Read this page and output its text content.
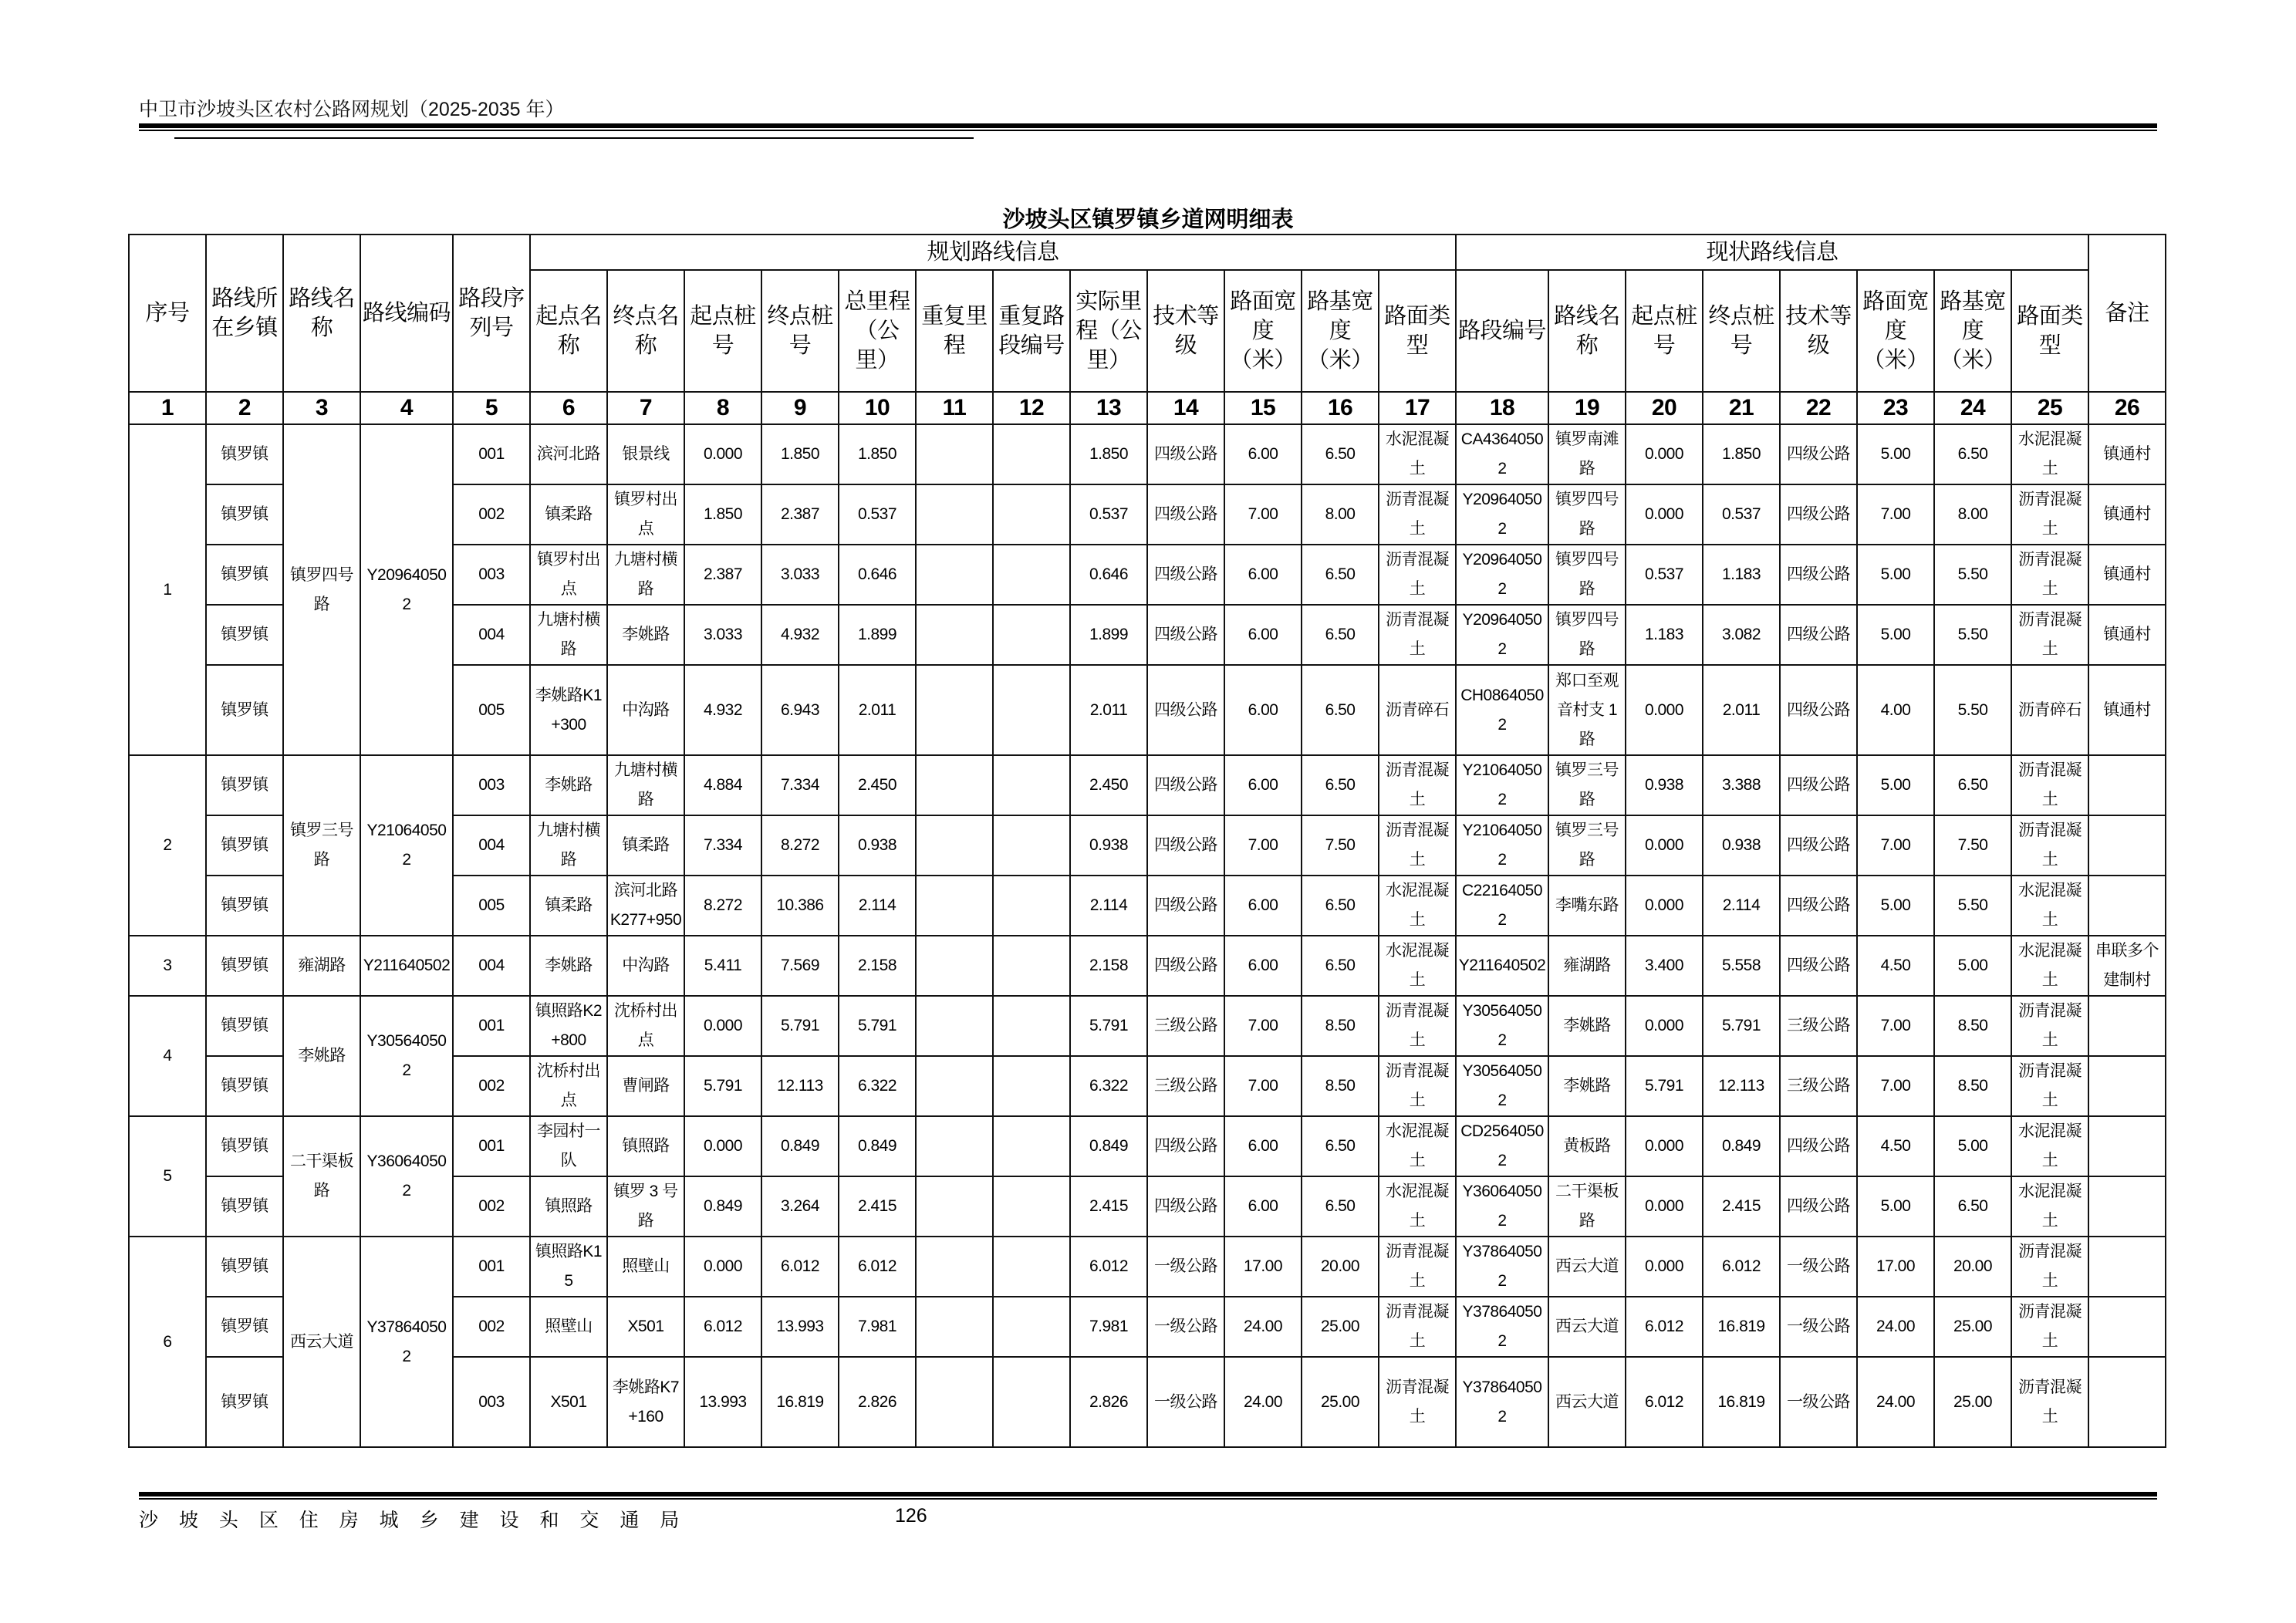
中卫市沙坡头区农村公路网规划（2025-2035 年）
沙坡头区镇罗镇乡道网明细表
序号	路线所在乡镇	路线名称	路线编码	路段序列号	规划路线信息												现状路线信息								备注
					起点名称	终点名称	起点桩号	终点桩号	总里程（公里）	重复里程	重复路段编号	实际里程（公里）	技术等级	路面宽度（米）	路基宽度（米）	路面类型	路段编号	路线名称	起点桩号	终点桩号	技术等级	路面宽度（米）	路基宽度（米）	路面类型	
1	2	3	4	5	6	7	8	9	10	11	12	13	14	15	16	17	18	19	20	21	22	23	24	25	26
1	镇罗镇	镇罗四号路	Y209640502	001	滨河北路	银景线	0.000	1.850	1.850			1.850	四级公路	6.00	6.50	水泥混凝土	CA43640502	镇罗南滩路	0.000	1.850	四级公路	5.00	6.50	水泥混凝土	镇通村
	镇罗镇			002	镇柔路	镇罗村出点	1.850	2.387	0.537			0.537	四级公路	7.00	8.00	沥青混凝土	Y209640502	镇罗四号路	0.000	0.537	四级公路	7.00	8.00	沥青混凝土	镇通村
	镇罗镇			003	镇罗村出点	九塘村横路	2.387	3.033	0.646			0.646	四级公路	6.00	6.50	沥青混凝土	Y209640502	镇罗四号路	0.537	1.183	四级公路	5.00	5.50	沥青混凝土	镇通村
	镇罗镇			004	九塘村横路	李姚路	3.033	4.932	1.899			1.899	四级公路	6.00	6.50	沥青混凝土	Y209640502	镇罗四号路	1.183	3.082	四级公路	5.00	5.50	沥青混凝土	镇通村
	镇罗镇			005	李姚路K1+300	中沟路	4.932	6.943	2.011			2.011	四级公路	6.00	6.50	沥青碎石	CH08640502	郑口至观音村支 1 路	0.000	2.011	四级公路	4.00	5.50	沥青碎石	镇通村
2	镇罗镇	镇罗三号路	Y210640502	003	李姚路	九塘村横路	4.884	7.334	2.450			2.450	四级公路	6.00	6.50	沥青混凝土	Y210640502	镇罗三号路	0.938	3.388	四级公路	5.00	6.50	沥青混凝土	
	镇罗镇			004	九塘村横路	镇柔路	7.334	8.272	0.938			0.938	四级公路	7.00	7.50	沥青混凝土	Y210640502	镇罗三号路	0.000	0.938	四级公路	7.00	7.50	沥青混凝土	
	镇罗镇			005	镇柔路	滨河北路K277+950	8.272	10.386	2.114			2.114	四级公路	6.00	6.50	水泥混凝土	C221640502	李嘴东路	0.000	2.114	四级公路	5.00	5.50	水泥混凝土	
3	镇罗镇	雍湖路	Y211640502	004	李姚路	中沟路	5.411	7.569	2.158			2.158	四级公路	6.00	6.50	水泥混凝土	Y211640502	雍湖路	3.400	5.558	四级公路	4.50	5.00	水泥混凝土	串联多个建制村
4	镇罗镇	李姚路	Y305640502	001	镇照路K2+800	沈桥村出点	0.000	5.791	5.791			5.791	三级公路	7.00	8.50	沥青混凝土	Y305640502	李姚路	0.000	5.791	三级公路	7.00	8.50	沥青混凝土	
	镇罗镇			002	沈桥村出点	曹闸路	5.791	12.113	6.322			6.322	三级公路	7.00	8.50	沥青混凝土	Y305640502	李姚路	5.791	12.113	三级公路	7.00	8.50	沥青混凝土	
5	镇罗镇	二干渠板路	Y360640502	001	李园村一队	镇照路	0.000	0.849	0.849			0.849	四级公路	6.00	6.50	水泥混凝土	CD25640502	黄板路	0.000	0.849	四级公路	4.50	5.00	水泥混凝土	
	镇罗镇			002	镇照路	镇罗 3 号路	0.849	3.264	2.415			2.415	四级公路	6.00	6.50	水泥混凝土	Y360640502	二干渠板路	0.000	2.415	四级公路	5.00	6.50	水泥混凝土	
6	镇罗镇	西云大道	Y378640502	001	镇照路K15	照壁山	0.000	6.012	6.012			6.012	一级公路	17.00	20.00	沥青混凝土	Y378640502	西云大道	0.000	6.012	一级公路	17.00	20.00	沥青混凝土	
	镇罗镇			002	照壁山	X501	6.012	13.993	7.981			7.981	一级公路	24.00	25.00	沥青混凝土	Y378640502	西云大道	6.012	16.819	一级公路	24.00	25.00	沥青混凝土	
	镇罗镇			003	X501	李姚路K7+160	13.993	16.819	2.826			2.826	一级公路	24.00	25.00	沥青混凝土	Y378640502	西云大道	6.012	16.819	一级公路	24.00	25.00	沥青混凝土	
沙 坡 头 区 住 房 城 乡 建 设 和 交 通 局	126
